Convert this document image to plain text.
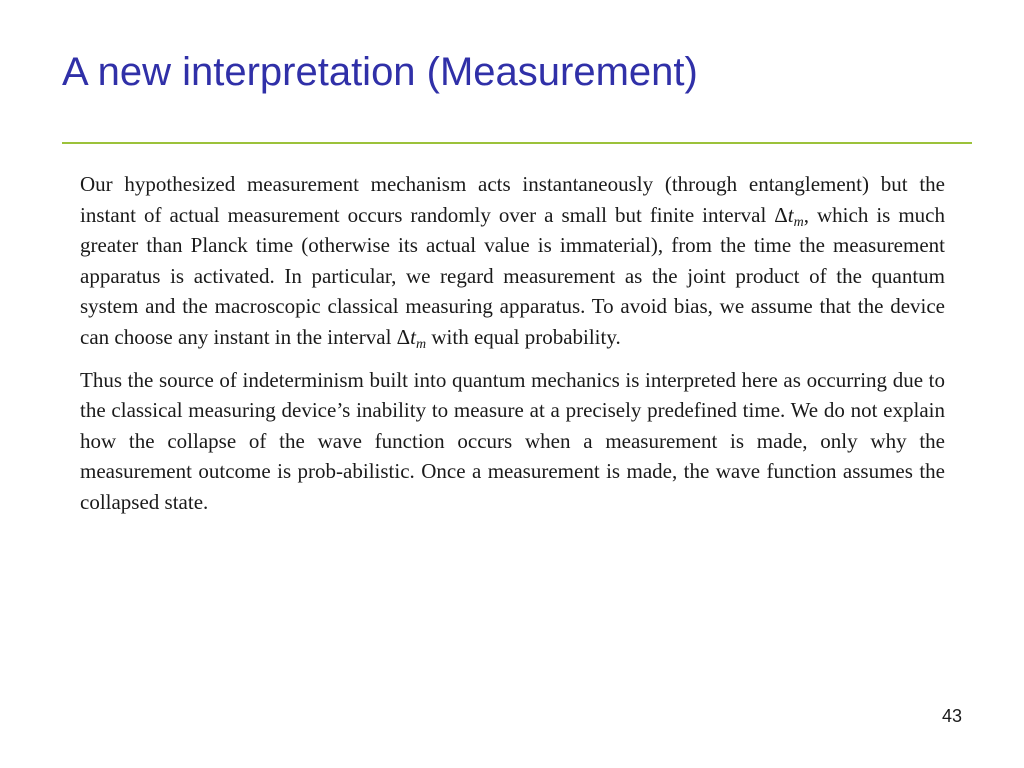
A new interpretation (Measurement)

Our hypothesized measurement mechanism acts instantaneously (through entanglement) but the instant of actual measurement occurs randomly over a small but finite interval $\Delta t_m$, which is much greater than Planck time (otherwise its actual value is immaterial), from the time the measurement apparatus is activated. In particular, we regard measurement as the joint product of the quantum system and the macroscopic classical measuring apparatus. To avoid bias, we assume that the device can choose any instant in the interval $\Delta t_m$ with equal probability.

Thus the source of indeterminism built into quantum mechanics is interpreted here as occurring due to the classical measuring device’s inability to measure at a precisely predefined time. We do not explain how the collapse of the wave function occurs when a measurement is made, only why the measurement outcome is prob-abilistic. Once a measurement is made, the wave function assumes the collapsed state.

43
